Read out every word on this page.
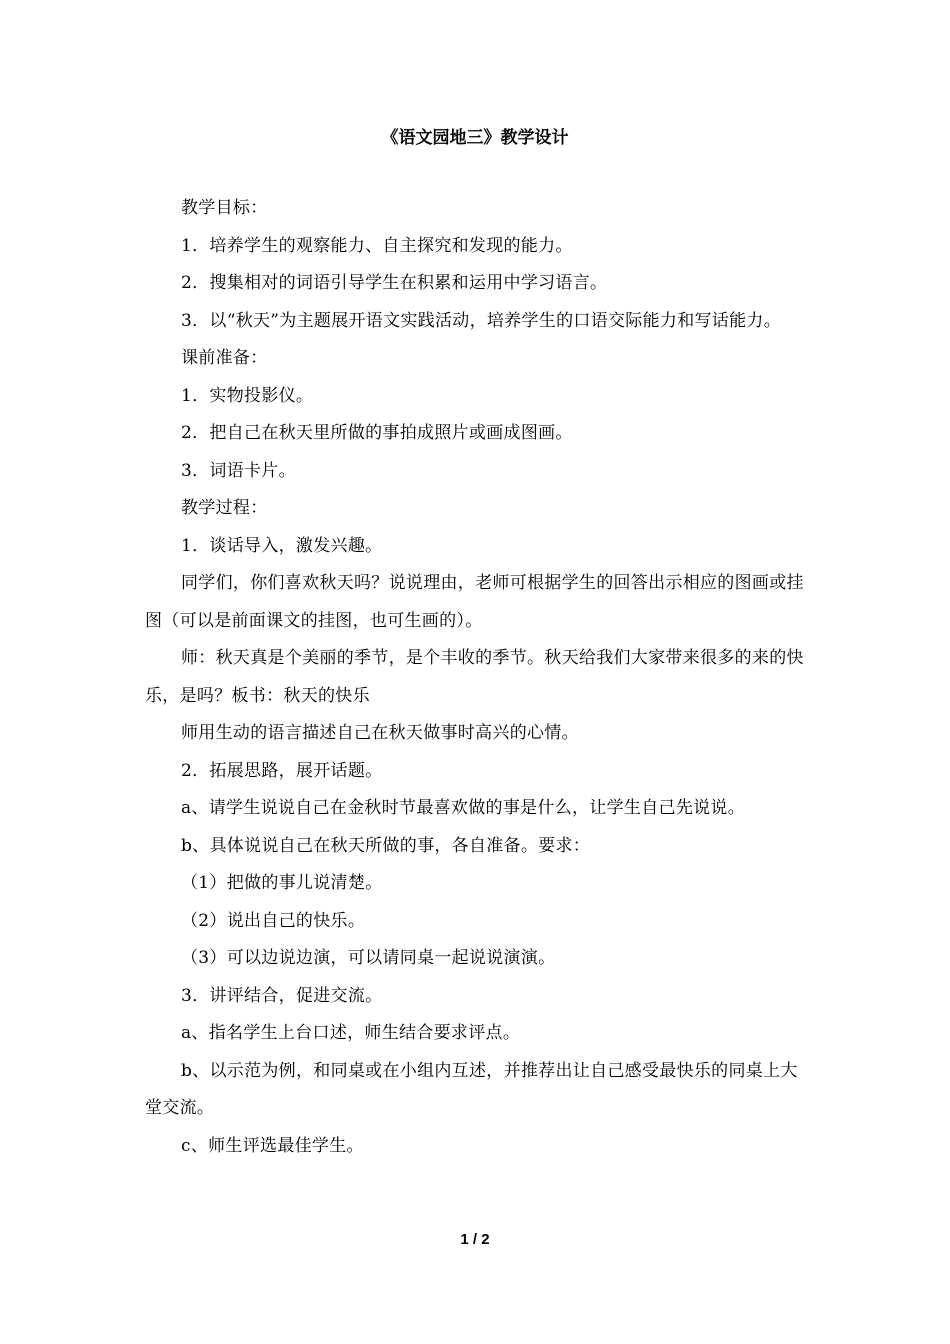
《语文园地三》教学设计

教学目标：

1．培养学生的观察能力、自主探究和发现的能力。

2．搜集相对的词语引导学生在积累和运用中学习语言。

3．以“秋天”为主题展开语文实践活动，培养学生的口语交际能力和写话能力。

课前准备：

1．实物投影仪。

2．把自己在秋天里所做的事拍成照片或画成图画。

3．词语卡片。

教学过程：

1．谈话导入，激发兴趣。

同学们，你们喜欢秋天吗？说说理由，老师可根据学生的回答出示相应的图画或挂图（可以是前面课文的挂图，也可生画的）。

师：秋天真是个美丽的季节，是个丰收的季节。秋天给我们大家带来很多的来的快乐，是吗？板书：秋天的快乐

师用生动的语言描述自己在秋天做事时高兴的心情。

2．拓展思路，展开话题。

a、请学生说说自己在金秋时节最喜欢做的事是什么，让学生自己先说说。

b、具体说说自己在秋天所做的事，各自准备。要求：

（1）把做的事儿说清楚。

（2）说出自己的快乐。

（3）可以边说边演，可以请同桌一起说说演演。

3．讲评结合，促进交流。

a、指名学生上台口述，师生结合要求评点。

b、以示范为例，和同桌或在小组内互述，并推荐出让自己感受最快乐的同桌上大堂交流。

c、师生评选最佳学生。

1 / 2
